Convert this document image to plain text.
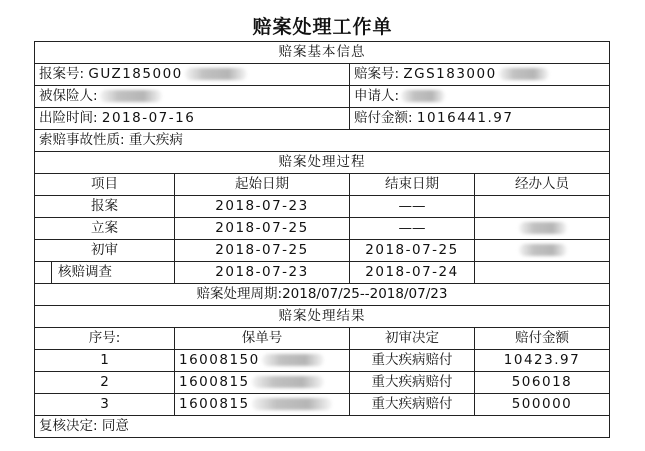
赔案处理工作单
赔案基本信息			
报案号: GUZ185000		赔案号: ZGS183000	
被保险人:		申请人:	
出险时间: 2018-07-16		赔付金额: 1016441.97	
索赔事故性质: 重大疾病			
赔案处理过程			
项目	起始日期	结束日期	经办人员
报案	2018-07-23	——	
立案	2018-07-25	——	
初审	2018-07-25	2018-07-25	
核赔调查	2018-07-23	2018-07-24	
赔案处理周期:2018/07/25--2018/07/23			
赔案处理结果			
序号:	保单号	初审决定	赔付金额
1	16008150	重大疾病赔付	10423.97
2	1600815	重大疾病赔付	506018
3	1600815	重大疾病赔付	500000
复核决定: 同意			
